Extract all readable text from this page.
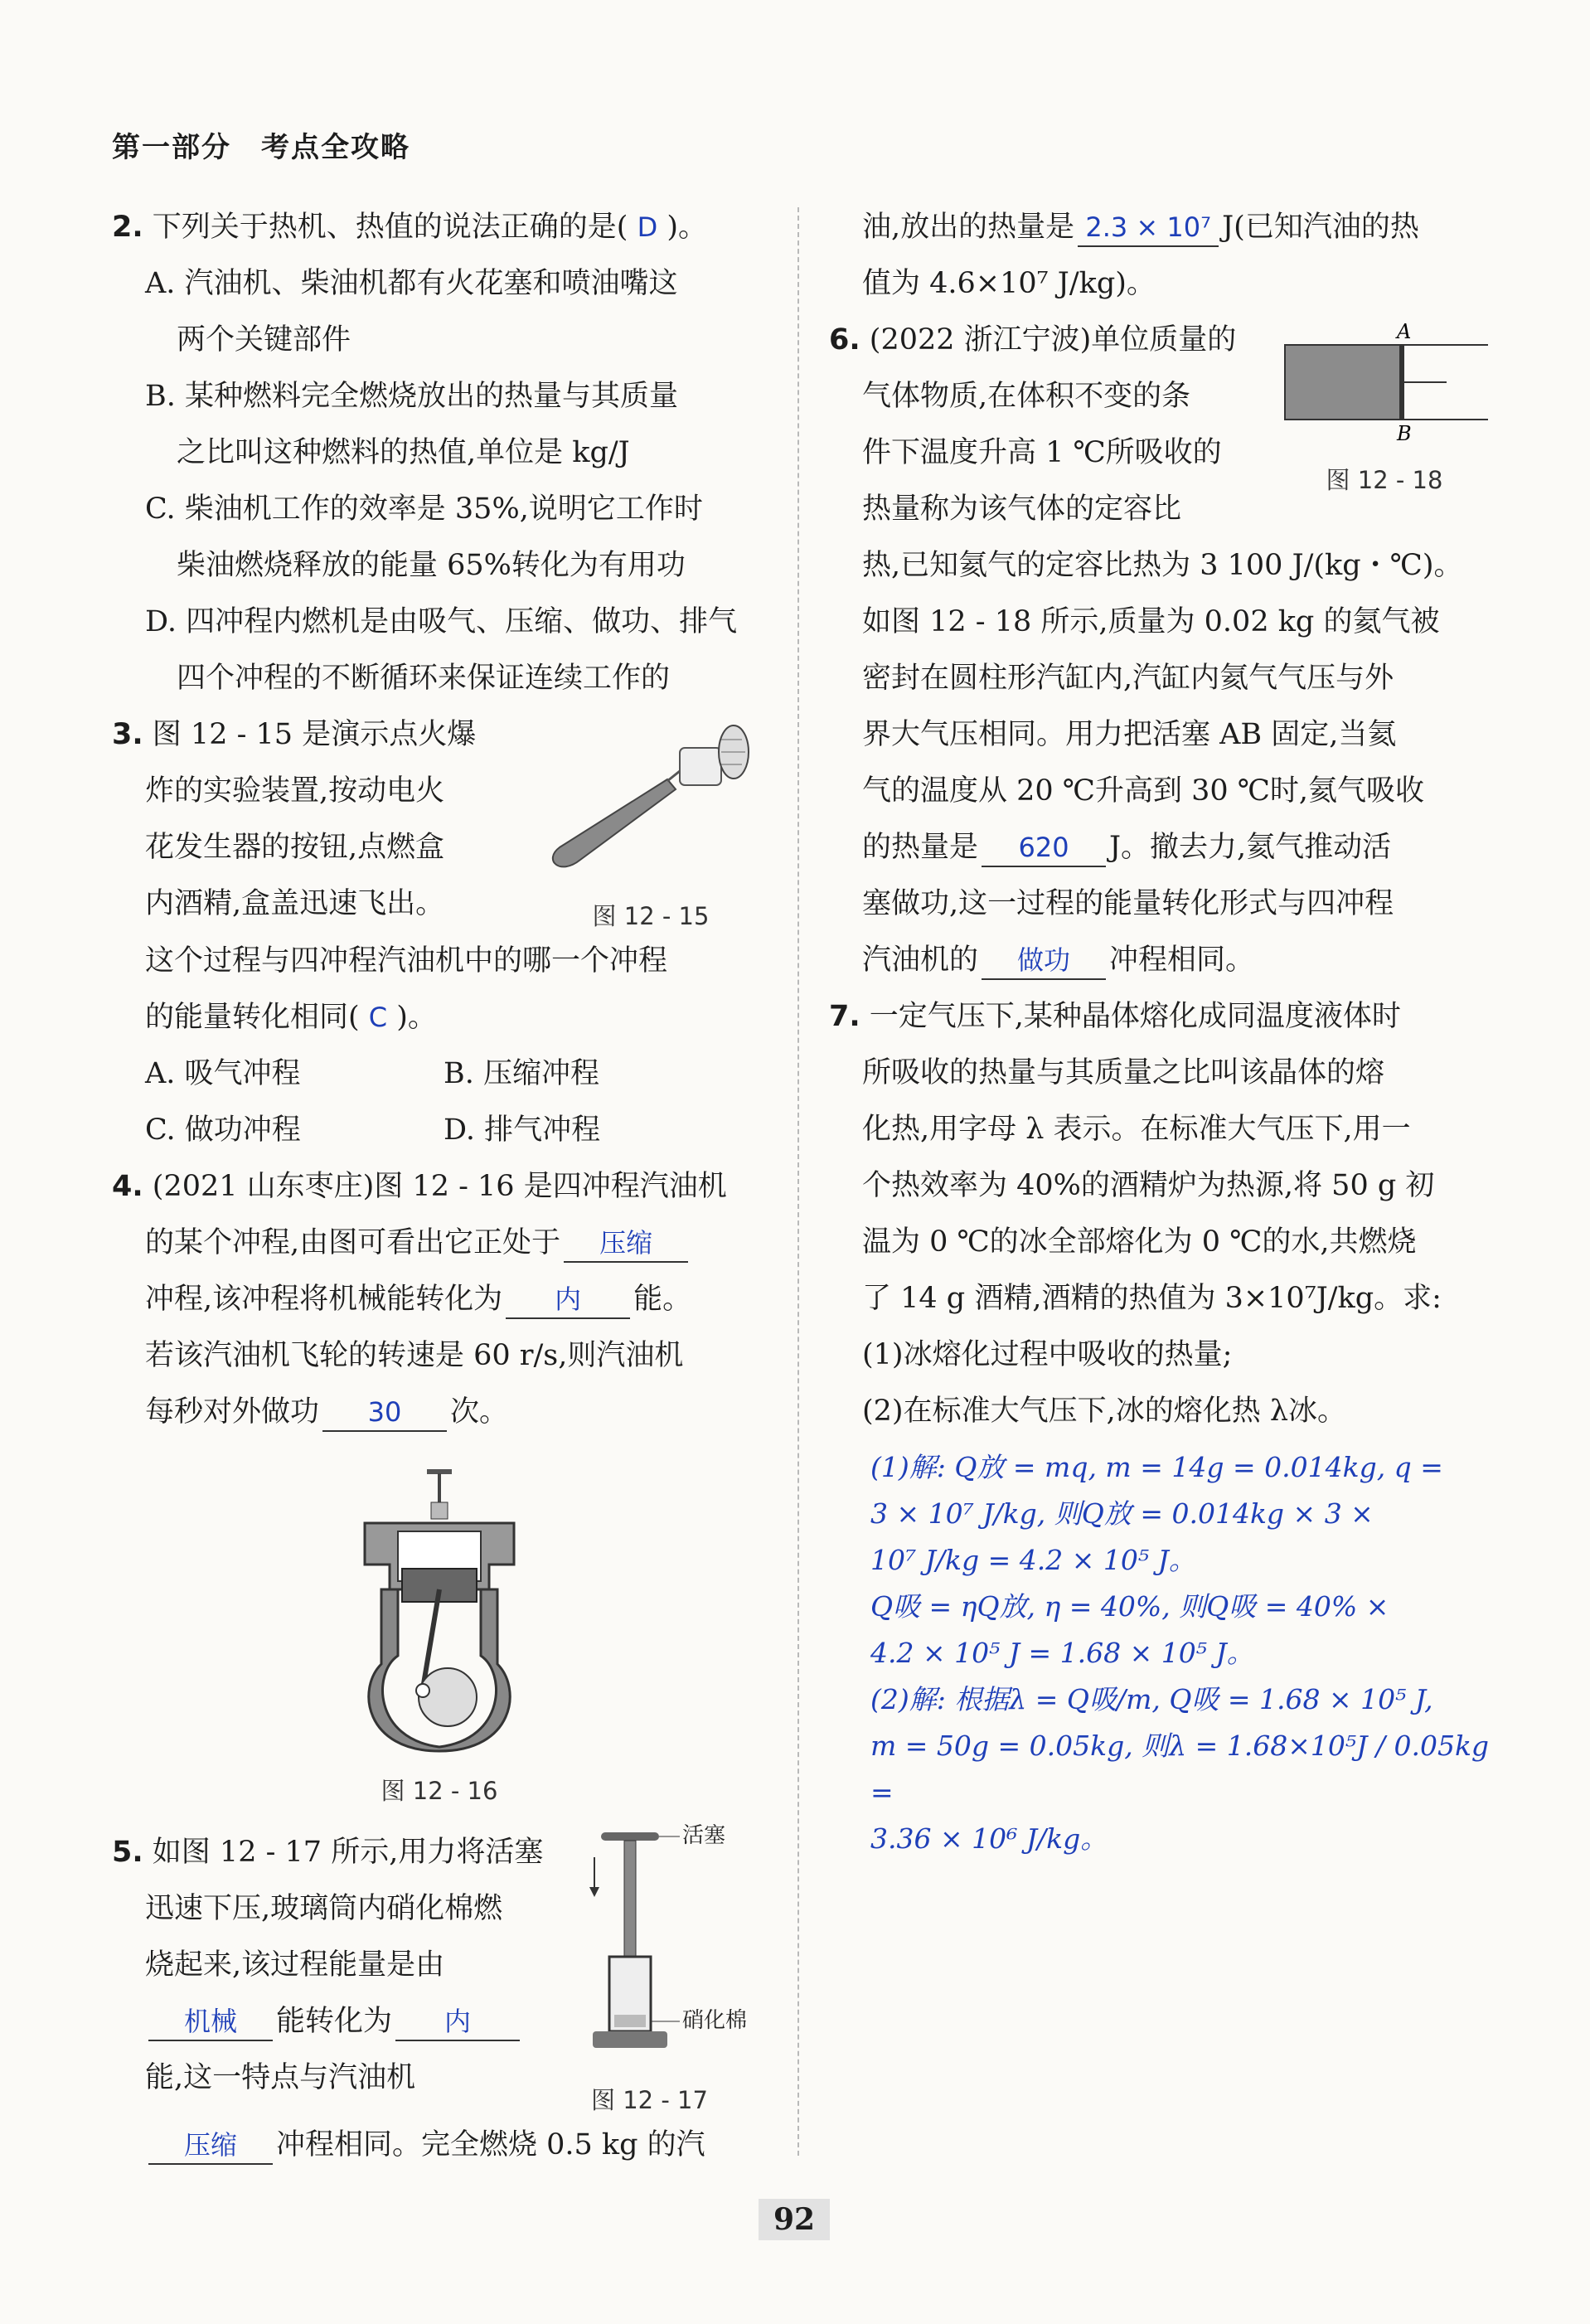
第一部分 考点全攻略

2. 下列关于热机、热值的说法正确的是( D )。

A. 汽油机、柴油机都有火花塞和喷油嘴这

两个关键部件

B. 某种燃料完全燃烧放出的热量与其质量

之比叫这种燃料的热值,单位是 kg/J

C. 柴油机工作的效率是 35%,说明它工作时

柴油燃烧释放的能量 65%转化为有用功

D. 四冲程内燃机是由吸气、压缩、做功、排气

四个冲程的不断循环来保证连续工作的

图 12 - 15

3. 图 12 - 15 是演示点火爆

炸的实验装置,按动电火

花发生器的按钮,点燃盒

内酒精,盒盖迅速飞出。

这个过程与四冲程汽油机中的哪一个冲程

的能量转化相同( C )。

A. 吸气冲程	B. 压缩冲程

C. 做功冲程	D. 排气冲程

4. (2021 山东枣庄)图 12 - 16 是四冲程汽油机

的某个冲程,由图可看出它正处于 压缩

冲程,该冲程将机械能转化为 内 能。

若该汽油机飞轮的转速是 60 r/s,则汽油机

每秒对外做功 30 次。

图 12 - 16
活塞
硝化棉
图 12 - 17

5. 如图 12 - 17 所示,用力将活塞

迅速下压,玻璃筒内硝化棉燃

烧起来,该过程能量是由

机械 能转化为 内

能,这一特点与汽油机

压缩 冲程相同。完全燃烧 0.5 kg 的汽

油,放出的热量是 2.3 × 10⁷ J(已知汽油的热

值为 4.6×10⁷ J/kg)。

A
B
图 12 - 18

6. (2022 浙江宁波)单位质量的

气体物质,在体积不变的条

件下温度升高 1 ℃所吸收的

热量称为该气体的定容比

热,已知氦气的定容比热为 3 100 J/(kg・℃)。

如图 12 - 18 所示,质量为 0.02 kg 的氦气被

密封在圆柱形汽缸内,汽缸内氦气气压与外

界大气压相同。用力把活塞 AB 固定,当氦

气的温度从 20 ℃升高到 30 ℃时,氦气吸收

的热量是 620 J。撤去力,氦气推动活

塞做功,这一过程的能量转化形式与四冲程

汽油机的 做功 冲程相同。

7. 一定气压下,某种晶体熔化成同温度液体时

所吸收的热量与其质量之比叫该晶体的熔

化热,用字母 λ 表示。在标准大气压下,用一

个热效率为 40%的酒精炉为热源,将 50 g 初

温为 0 ℃的冰全部熔化为 0 ℃的水,共燃烧

了 14 g 酒精,酒精的热值为 3×10⁷J/kg。求:

(1)冰熔化过程中吸收的热量;

(2)在标准大气压下,冰的熔化热 λ冰。

(1)解: Q放 = mq, m = 14g = 0.014kg, q =

3 × 10⁷ J/kg, 则Q放 = 0.014kg × 3 ×

10⁷ J/kg = 4.2 × 10⁵ J。

Q吸 = ηQ放, η = 40%, 则Q吸 = 40% ×

4.2 × 10⁵ J = 1.68 × 10⁵ J。

(2)解: 根据λ = Q吸/m, Q吸 = 1.68 × 10⁵ J,

m = 50g = 0.05kg, 则λ = 1.68×10⁵J / 0.05kg =

3.36 × 10⁶ J/kg。

92
